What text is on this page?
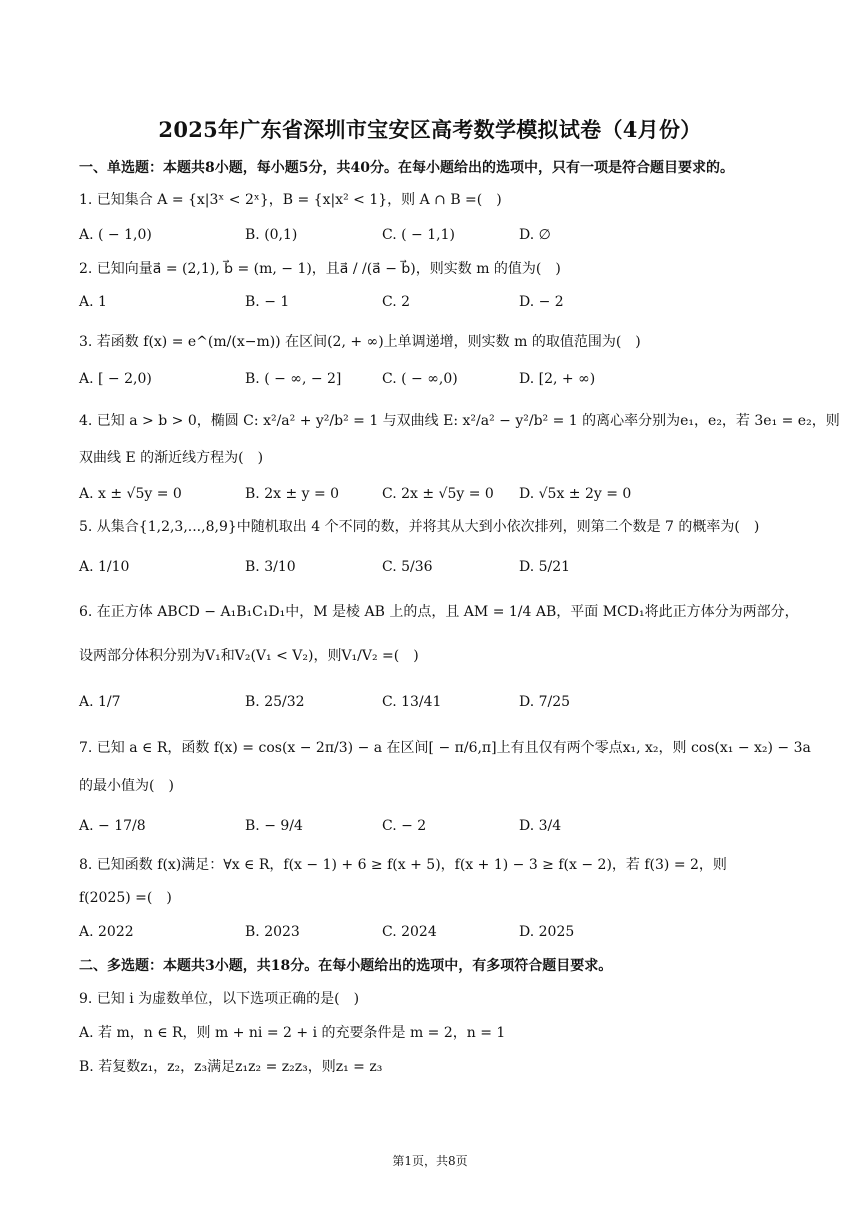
2025年广东省深圳市宝安区高考数学模拟试卷（4月份）
一、单选题：本题共8小题，每小题5分，共40分。在每小题给出的选项中，只有一项是符合题目要求的。
1. 已知集合 A = {x|3ˣ < 2ˣ}，B = {x|x² < 1}，则 A ∩ B =(　)
A. ( − 1,0)	B. (0,1)	C. ( − 1,1)	D. ∅
2. 已知向量a⃗ = (2,1), b⃗ = (m, − 1)，且a⃗ / /(a⃗ − b⃗)，则实数 m 的值为(　)
A. 1	B. − 1	C. 2	D. − 2
3. 若函数 f(x) = e^(m/(x−m)) 在区间(2, + ∞)上单调递增，则实数 m 的取值范围为(　)
A. [ − 2,0)	B. ( − ∞, − 2]	C. ( − ∞,0)	D. [2, + ∞)
4. 已知 a > b > 0，椭圆 C: x²/a² + y²/b² = 1 与双曲线 E: x²/a² − y²/b² = 1 的离心率分别为e₁，e₂，若 3e₁ = e₂，则
双曲线 E 的渐近线方程为(　)
A. x ± √5y = 0	B. 2x ± y = 0	C. 2x ± √5y = 0 D. √5x ± 2y = 0
5. 从集合{1,2,3,...,8,9}中随机取出 4 个不同的数，并将其从大到小依次排列，则第二个数是 7 的概率为(　)
A. 1/10	B. 3/10	C. 5/36	D. 5/21
6. 在正方体 ABCD − A₁B₁C₁D₁中，M 是棱 AB 上的点，且 AM = 1/4 AB，平面 MCD₁将此正方体分为两部分，
设两部分体积分别为V₁和V₂(V₁ < V₂)，则V₁/V₂ =(　)
A. 1/7	B. 25/32	C. 13/41	D. 7/25
7. 已知 a ∈ R，函数 f(x) = cos(x − 2π/3) − a 在区间[ − π/6,π]上有且仅有两个零点x₁, x₂，则 cos(x₁ − x₂) − 3a
的最小值为(　)
A. − 17/8	B. − 9/4	C. − 2	D. 3/4
8. 已知函数 f(x)满足：∀x ∈ R，f(x − 1) + 6 ≥ f(x + 5)，f(x + 1) − 3 ≥ f(x − 2)，若 f(3) = 2，则
f(2025) =(　)
A. 2022	B. 2023	C. 2024	D. 2025
二、多选题：本题共3小题，共18分。在每小题给出的选项中，有多项符合题目要求。
9. 已知 i 为虚数单位，以下选项正确的是(　)
A. 若 m，n ∈ R，则 m + ni = 2 + i 的充要条件是 m = 2，n = 1
B. 若复数z₁，z₂，z₃满足z₁z₂ = z₂z₃，则z₁ = z₃
第1页，共8页
